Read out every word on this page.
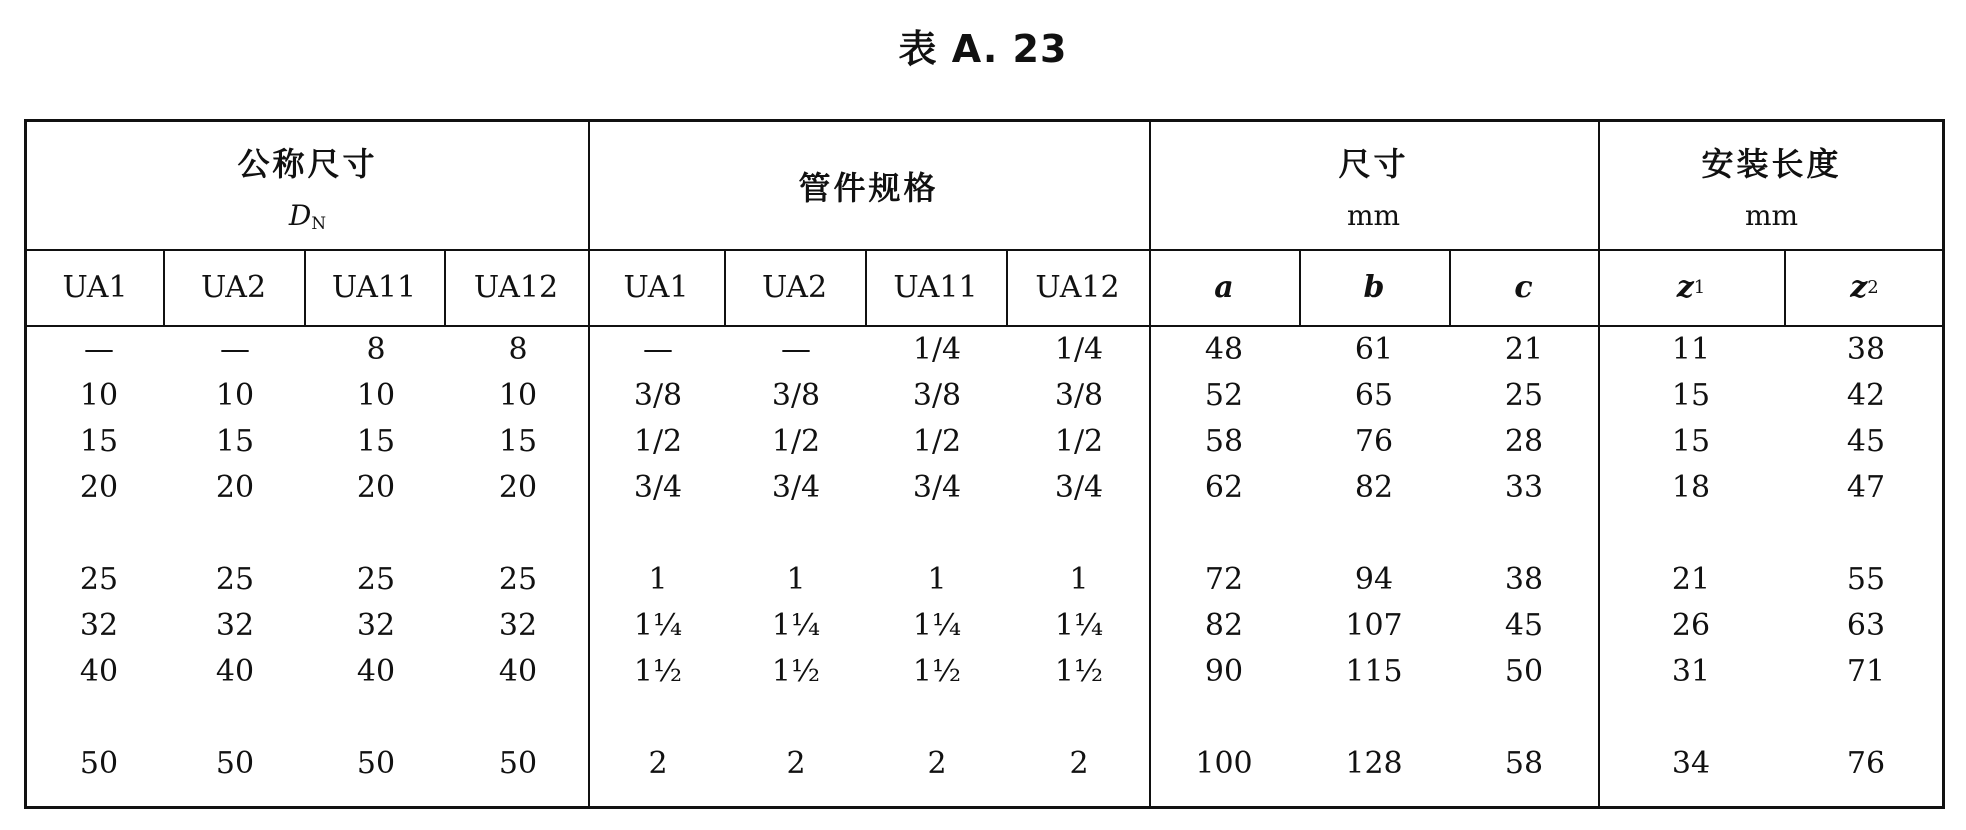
表 A. 23
公称尺寸
$D_N$
管件规格
尺寸
mm
安装长度
mm
UA1	UA2	UA11	UA12	UA1	UA2	UA11	UA12	a	b	c	z 1	z 2
—	—	8	8	—	—	1/4	1/4	48	61	21	11	38
10	10	10	10	3/8	3/8	3/8	3/8	52	65	25	15	42
15	15	15	15	1/2	1/2	1/2	1/2	58	76	28	15	45
20	20	20	20	3/4	3/4	3/4	3/4	62	82	33	18	47
25	25	25	25	1	1	1	1	72	94	38	21	55
32	32	32	32	1¼	1¼	1¼	1¼	82	107	45	26	63
40	40	40	40	1½	1½	1½	1½	90	115	50	31	71
50	50	50	50	2	2	2	2	100	128	58	34	76
